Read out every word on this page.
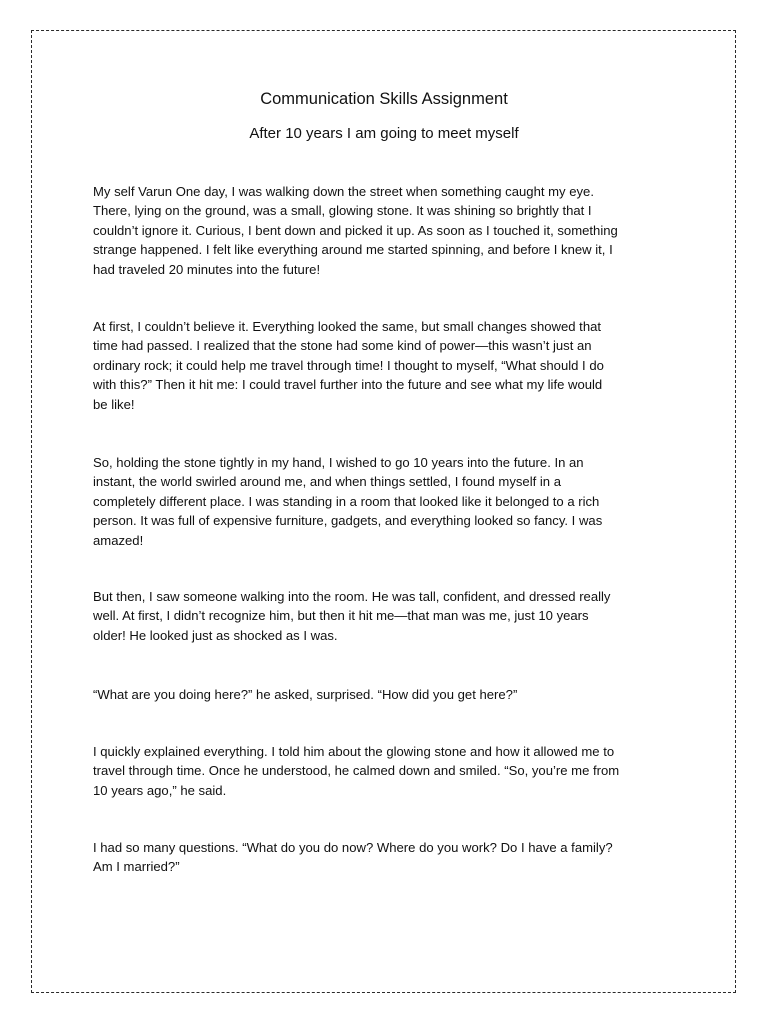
Communication Skills Assignment
After 10 years I am going to meet myself

My self Varun One day, I was walking down the street when something caught my eye.
There, lying on the ground, was a small, glowing stone. It was shining so brightly that I
couldn’t ignore it. Curious, I bent down and picked it up. As soon as I touched it, something
strange happened. I felt like everything around me started spinning, and before I knew it, I
had traveled 20 minutes into the future!

At first, I couldn’t believe it. Everything looked the same, but small changes showed that
time had passed. I realized that the stone had some kind of power—this wasn’t just an
ordinary rock; it could help me travel through time! I thought to myself, “What should I do
with this?” Then it hit me: I could travel further into the future and see what my life would
be like!

So, holding the stone tightly in my hand, I wished to go 10 years into the future. In an
instant, the world swirled around me, and when things settled, I found myself in a
completely different place. I was standing in a room that looked like it belonged to a rich
person. It was full of expensive furniture, gadgets, and everything looked so fancy. I was
amazed!

But then, I saw someone walking into the room. He was tall, confident, and dressed really
well. At first, I didn’t recognize him, but then it hit me—that man was me, just 10 years
older! He looked just as shocked as I was.

“What are you doing here?” he asked, surprised. “How did you get here?”

I quickly explained everything. I told him about the glowing stone and how it allowed me to
travel through time. Once he understood, he calmed down and smiled. “So, you’re me from
10 years ago,” he said.

I had so many questions. “What do you do now? Where do you work? Do I have a family?
Am I married?”
